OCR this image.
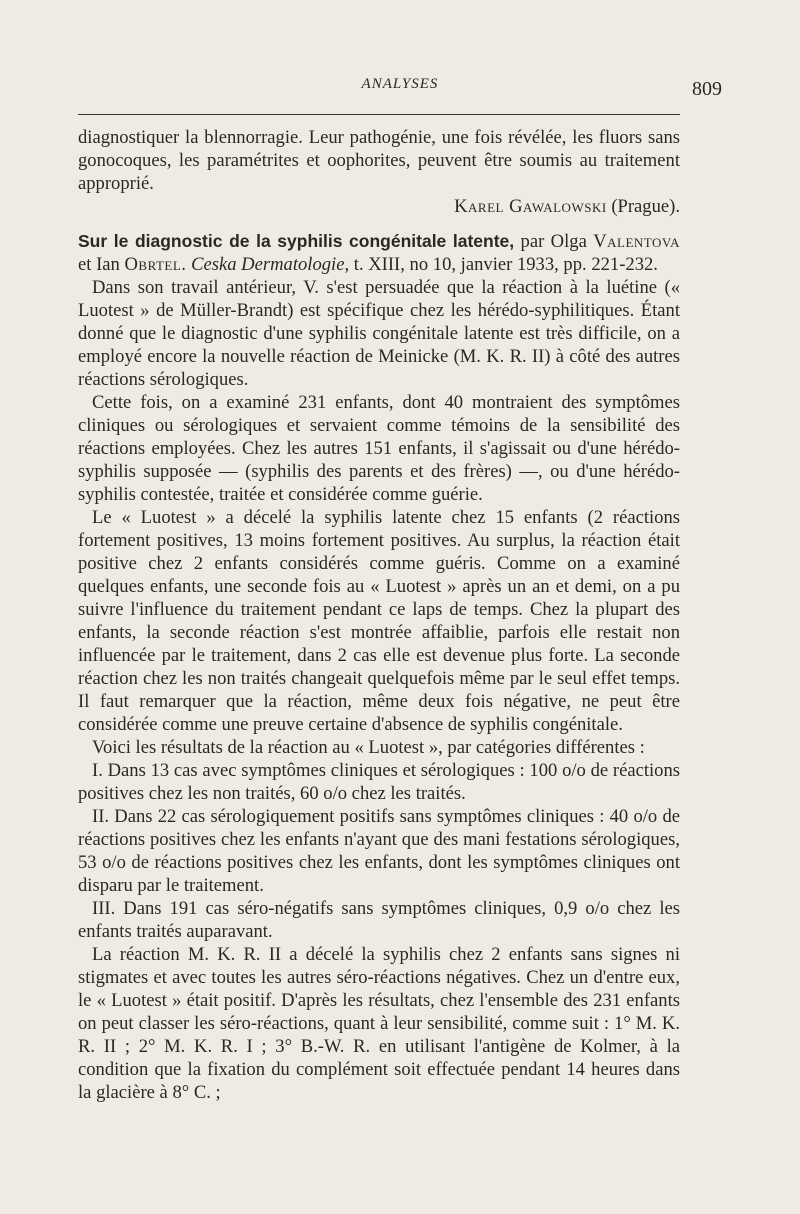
ANALYSES	809

diagnostiquer la blennorragie. Leur pathogénie, une fois révélée, les fluors sans gonocoques, les paramétrites et oophorites, peuvent être soumis au traitement approprié.

Karel Gawalowski (Prague).

Sur le diagnostic de la syphilis congénitale latente, par Olga Valentova et Ian Obrtel. Ceska Dermatologie, t. XIII, no 10, janvier 1933, pp. 221-232.

Dans son travail antérieur, V. s'est persuadée que la réaction à la luétine (« Luotest » de Müller-Brandt) est spécifique chez les hérédo-syphilitiques. Étant donné que le diagnostic d'une syphilis congénitale latente est très difficile, on a employé encore la nouvelle réaction de Meinicke (M. K. R. II) à côté des autres réactions sérologiques.

Cette fois, on a examiné 231 enfants, dont 40 montraient des symptômes cliniques ou sérologiques et servaient comme témoins de la sensibilité des réactions employées. Chez les autres 151 enfants, il s'agissait ou d'une hérédo-syphilis supposée — (syphilis des parents et des frères) —, ou d'une hérédo-syphilis contestée, traitée et considérée comme guérie.

Le « Luotest » a décelé la syphilis latente chez 15 enfants (2 réactions fortement positives, 13 moins fortement positives. Au surplus, la réaction était positive chez 2 enfants considérés comme guéris. Comme on a examiné quelques enfants, une seconde fois au « Luotest » après un an et demi, on a pu suivre l'influence du traitement pendant ce laps de temps. Chez la plupart des enfants, la seconde réaction s'est montrée affaiblie, parfois elle restait non influencée par le traitement, dans 2 cas elle est devenue plus forte. La seconde réaction chez les non traités changeait quelquefois même par le seul effet temps. Il faut remarquer que la réaction, même deux fois négative, ne peut être considérée comme une preuve certaine d'absence de syphilis congénitale.

Voici les résultats de la réaction au « Luotest », par catégories différentes :

I. Dans 13 cas avec symptômes cliniques et sérologiques : 100 o/o de réactions positives chez les non traités, 60 o/o chez les traités.

II. Dans 22 cas sérologiquement positifs sans symptômes cliniques : 40 o/o de réactions positives chez les enfants n'ayant que des mani festations sérologiques, 53 o/o de réactions positives chez les enfants, dont les symptômes cliniques ont disparu par le traitement.

III. Dans 191 cas séro-négatifs sans symptômes cliniques, 0,9 o/o chez les enfants traités auparavant.

La réaction M. K. R. II a décelé la syphilis chez 2 enfants sans signes ni stigmates et avec toutes les autres séro-réactions négatives. Chez un d'entre eux, le « Luotest » était positif. D'après les résultats, chez l'ensemble des 231 enfants on peut classer les séro-réactions, quant à leur sensibilité, comme suit : 1° M. K. R. II ; 2° M. K. R. I ; 3° B.-W. R. en utilisant l'antigène de Kolmer, à la condition que la fixation du complément soit effectuée pendant 14 heures dans la glacière à 8° C. ;
